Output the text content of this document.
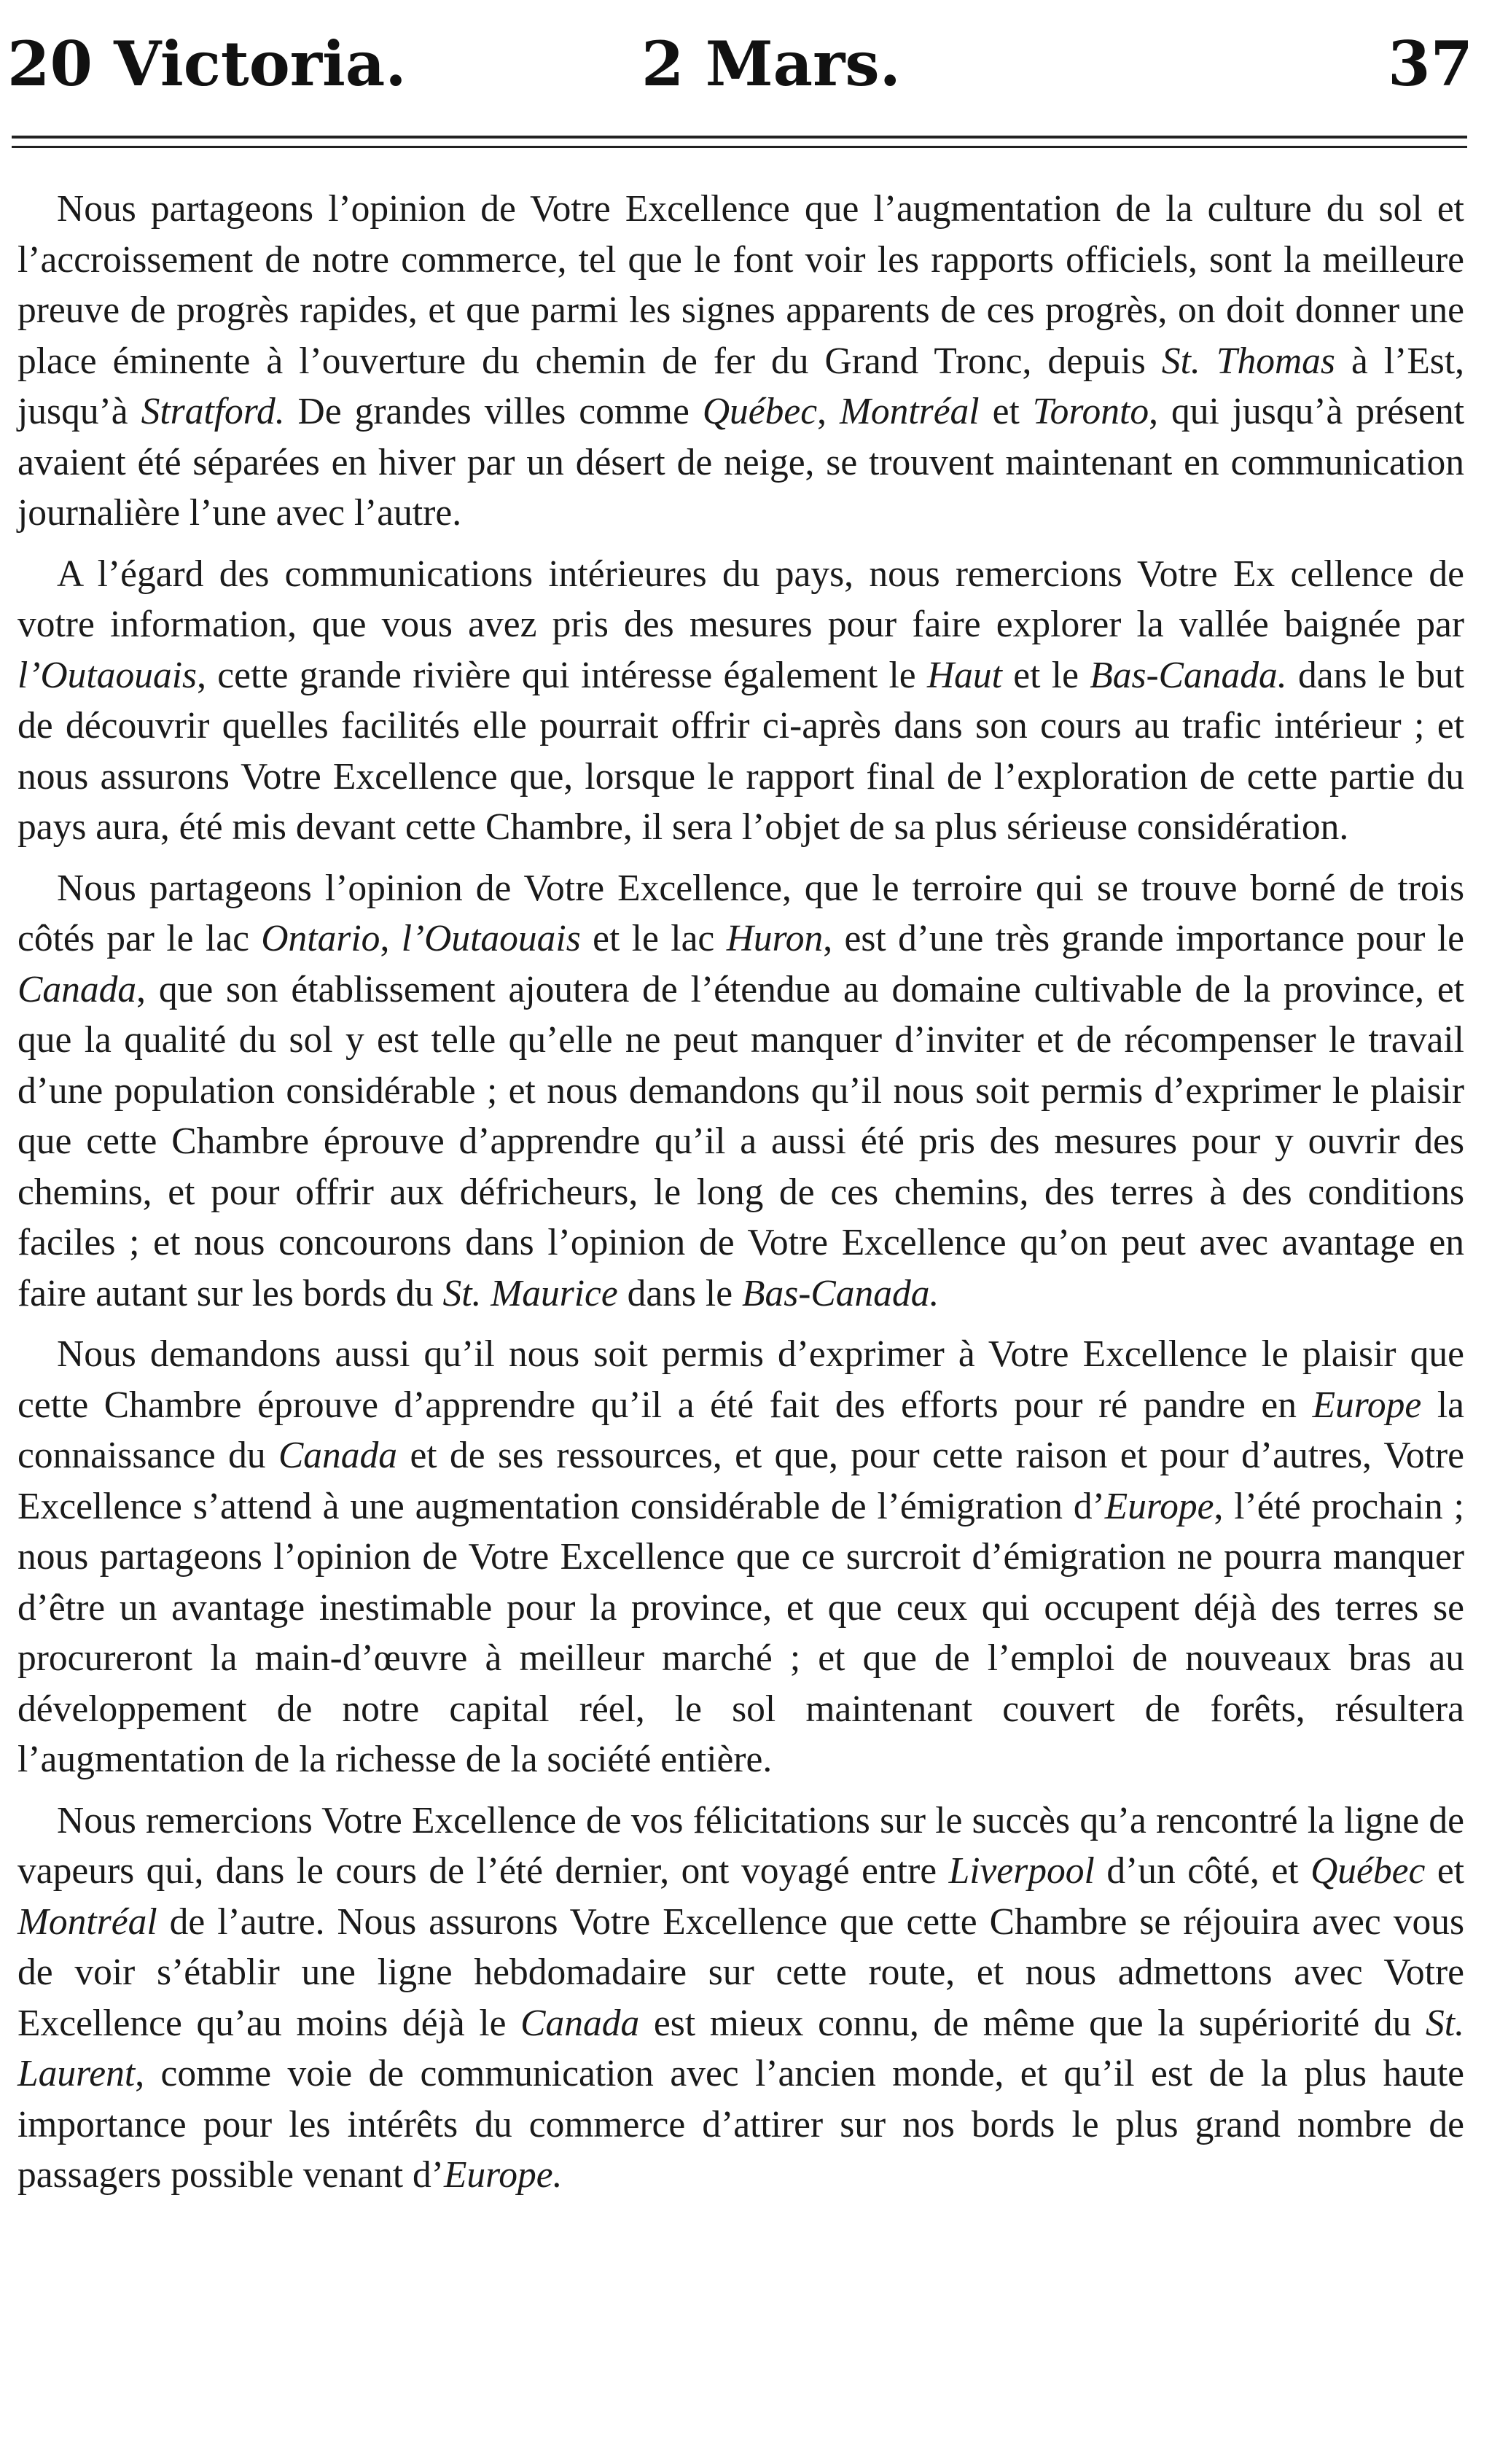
20 Victoria.	2 Mars.	37

Nous partageons l’opinion de Votre Excellence que l’augmentation de la culture du sol et l’accroissement de notre commerce, tel que le font voir les rapports officiels, sont la meilleure preuve de progrès rapides, et que parmi les signes apparents de ces progrès, on doit donner une place éminente à l’ouverture du chemin de fer du Grand Tronc, depuis St. Thomas à l’Est, jusqu’à Stratford. De grandes villes comme Québec, Montréal et Toronto, qui jusqu’à présent avaient été séparées en hiver par un désert de neige, se trouvent maintenant en communication journalière l’une avec l’autre.

A l’égard des communications intérieures du pays, nous remercions Votre Ex cellence de votre information, que vous avez pris des mesures pour faire explorer la vallée baignée par l’Outaouais, cette grande rivière qui intéresse également le Haut et le Bas-Canada. dans le but de découvrir quelles facilités elle pourrait offrir ci-après dans son cours au trafic intérieur ; et nous assurons Votre Excellence que, lorsque le rapport final de l’exploration de cette partie du pays aura, été mis devant cette Chambre, il sera l’objet de sa plus sérieuse considération.

Nous partageons l’opinion de Votre Excellence, que le terroire qui se trouve borné de trois côtés par le lac Ontario, l’Outaouais et le lac Huron, est d’une très grande importance pour le Canada, que son établissement ajoutera de l’étendue au domaine cultivable de la province, et que la qualité du sol y est telle qu’elle ne peut manquer d’inviter et de récompenser le travail d’une population considérable ; et nous demandons qu’il nous soit permis d’exprimer le plaisir que cette Chambre éprouve d’apprendre qu’il a aussi été pris des mesures pour y ouvrir des chemins, et pour offrir aux défricheurs, le long de ces chemins, des terres à des conditions faciles ; et nous concourons dans l’opinion de Votre Excellence qu’on peut avec avantage en faire autant sur les bords du St. Maurice dans le Bas-Canada.

Nous demandons aussi qu’il nous soit permis d’exprimer à Votre Excellence le plaisir que cette Chambre éprouve d’apprendre qu’il a été fait des efforts pour ré pandre en Europe la connaissance du Canada et de ses ressources, et que, pour cette raison et pour d’autres, Votre Excellence s’attend à une augmentation considérable de l’émigration d’Europe, l’été prochain ; nous partageons l’opinion de Votre Excellence que ce surcroit d’émigration ne pourra manquer d’être un avantage inestimable pour la province, et que ceux qui occupent déjà des terres se procureront la main-d’œuvre à meilleur marché ; et que de l’emploi de nouveaux bras au développement de notre capital réel, le sol maintenant couvert de forêts, résultera l’augmentation de la richesse de la société entière.

Nous remercions Votre Excellence de vos félicitations sur le succès qu’a rencontré la ligne de vapeurs qui, dans le cours de l’été dernier, ont voyagé entre Liverpool d’un côté, et Québec et Montréal de l’autre. Nous assurons Votre Excellence que cette Chambre se réjouira avec vous de voir s’établir une ligne hebdomadaire sur cette route, et nous admettons avec Votre Excellence qu’au moins déjà le Canada est mieux connu, de même que la supériorité du St. Laurent, comme voie de communication avec l’ancien monde, et qu’il est de la plus haute importance pour les intérêts du commerce d’attirer sur nos bords le plus grand nombre de passagers possible venant d’Europe.
